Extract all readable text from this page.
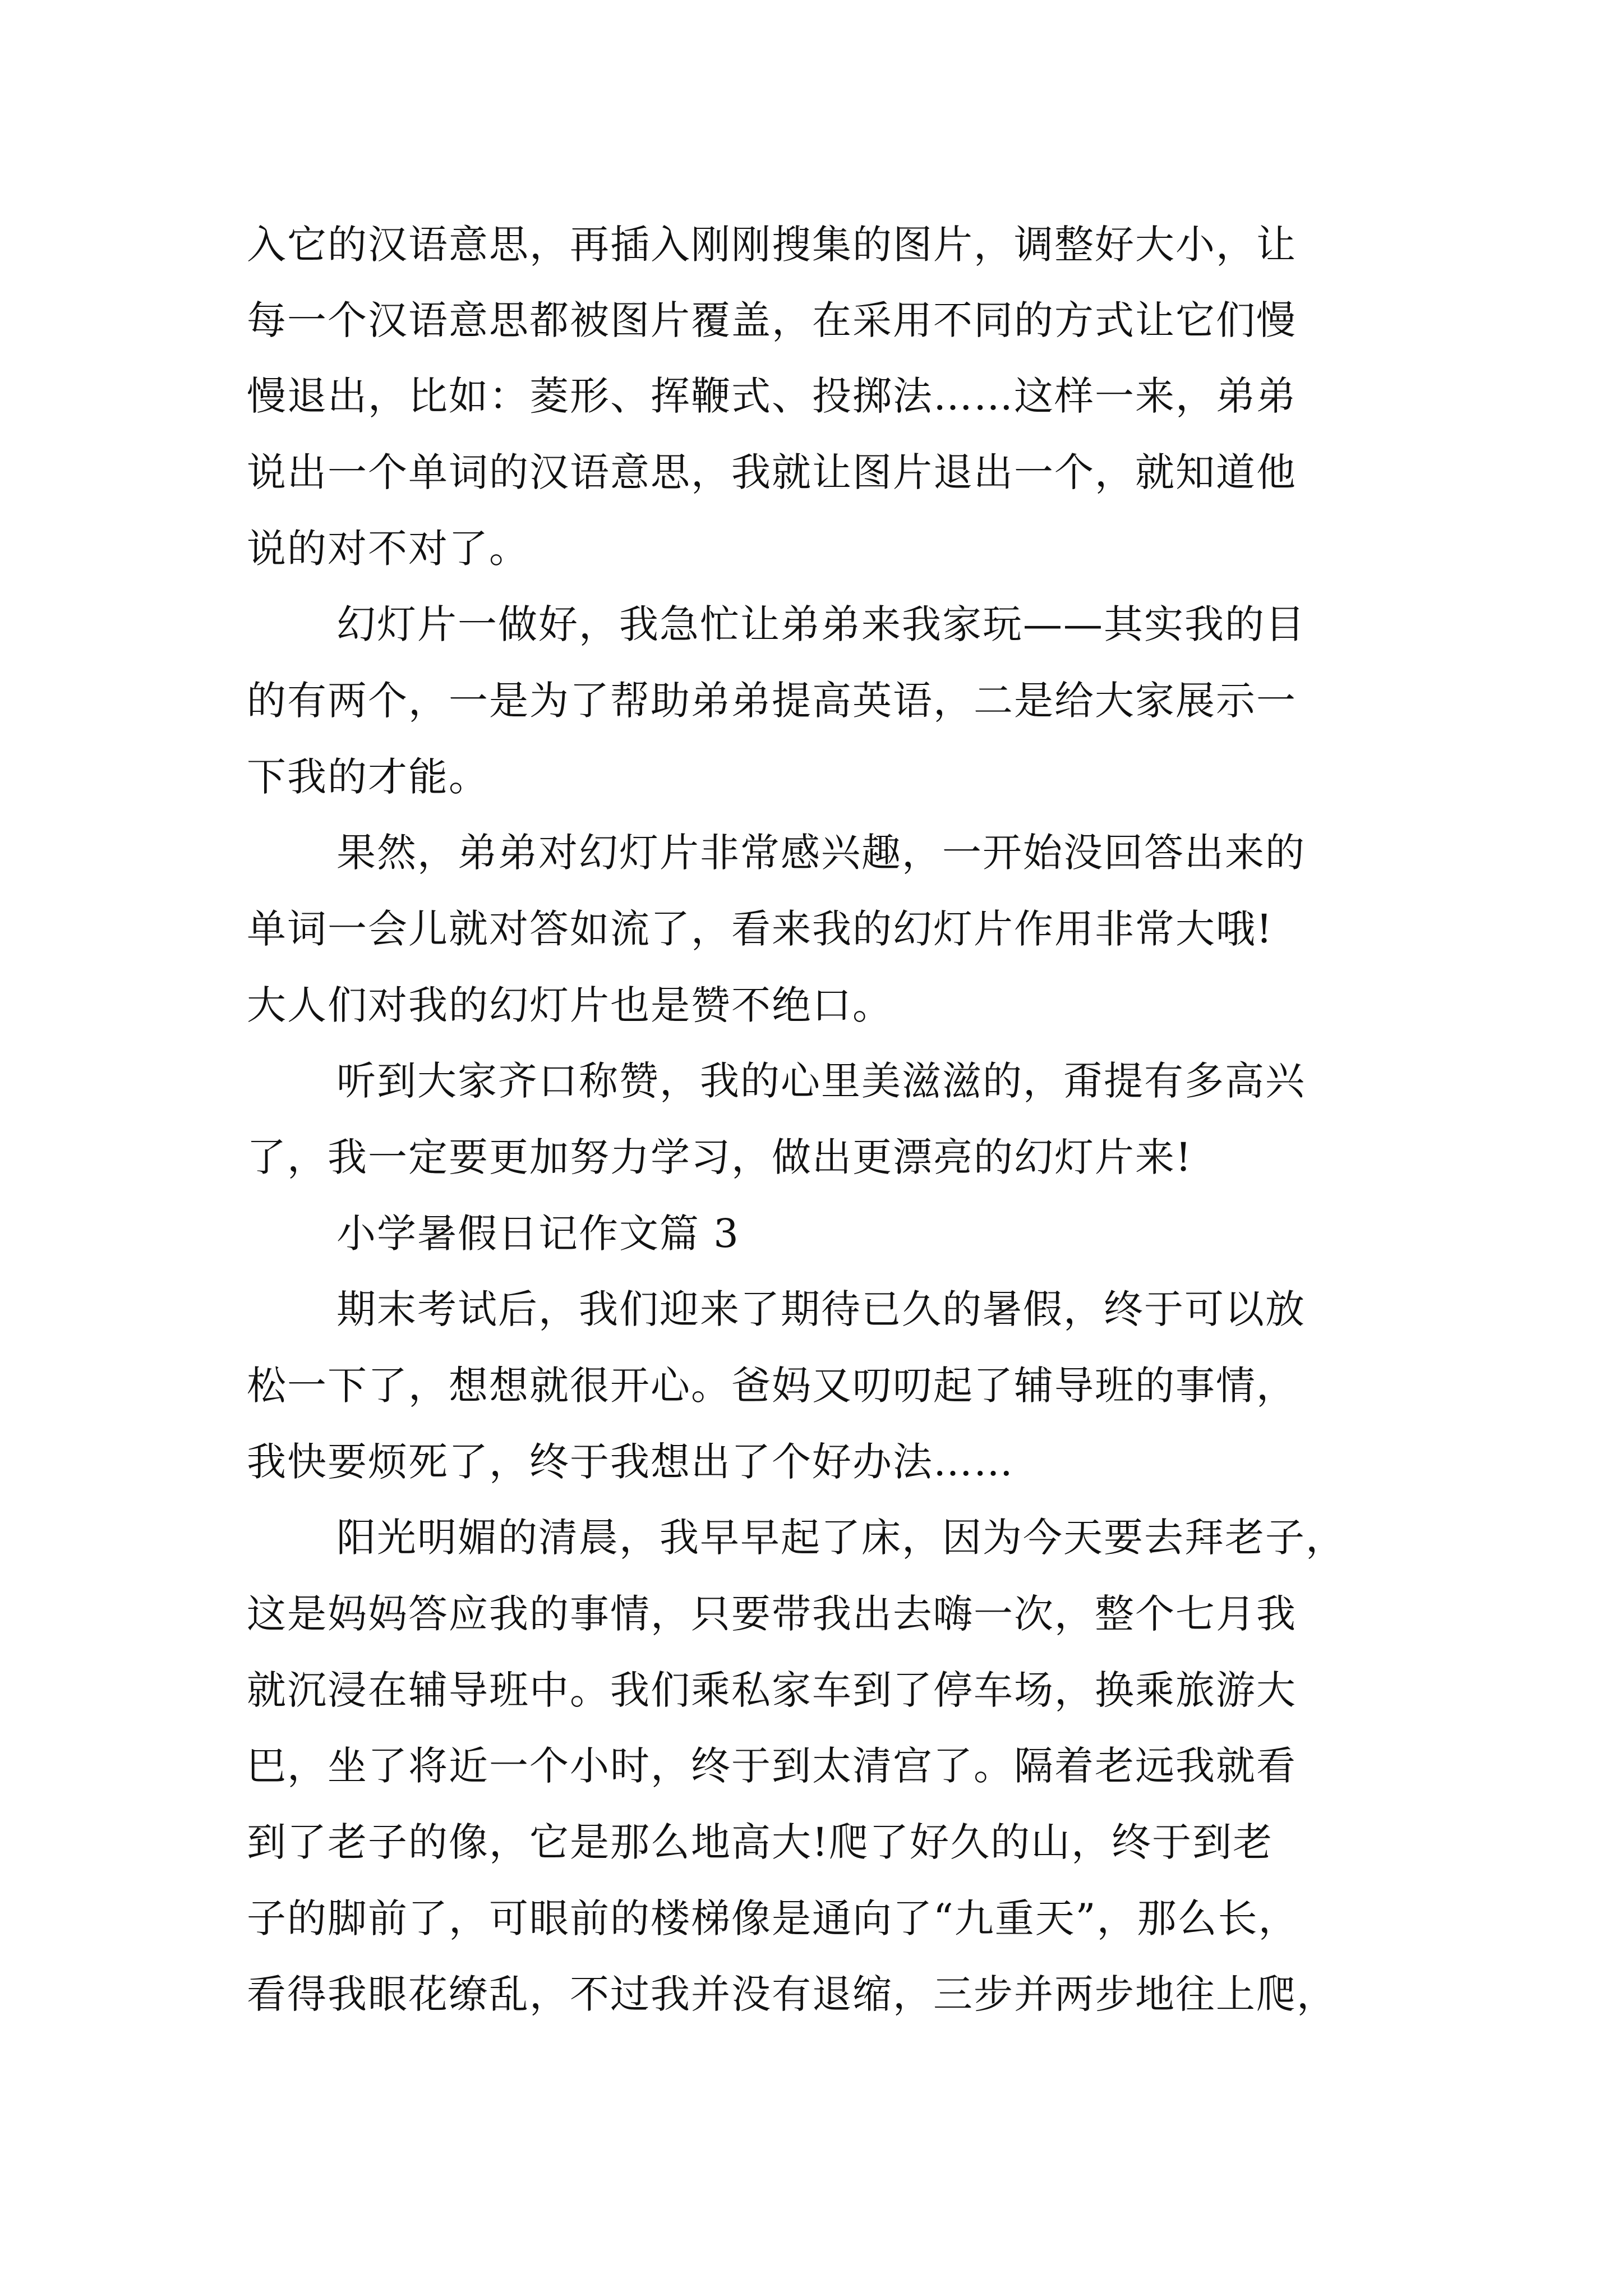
入它的汉语意思，再插入刚刚搜集的图片，调整好大小，让
每一个汉语意思都被图片覆盖，在采用不同的方式让它们慢
慢退出，比如：菱形、挥鞭式、投掷法……这样一来，弟弟
说出一个单词的汉语意思，我就让图片退出一个，就知道他
说的对不对了。
幻灯片一做好，我急忙让弟弟来我家玩——其实我的目
的有两个，一是为了帮助弟弟提高英语，二是给大家展示一
下我的才能。
果然，弟弟对幻灯片非常感兴趣，一开始没回答出来的
单词一会儿就对答如流了，看来我的幻灯片作用非常大哦!
大人们对我的幻灯片也是赞不绝口。
听到大家齐口称赞，我的心里美滋滋的，甭提有多高兴
了，我一定要更加努力学习，做出更漂亮的幻灯片来!
小学暑假日记作文篇 3
期末考试后，我们迎来了期待已久的暑假，终于可以放
松一下了，想想就很开心。爸妈又叨叨起了辅导班的事情，
我快要烦死了，终于我想出了个好办法……
阳光明媚的清晨，我早早起了床，因为今天要去拜老子，
这是妈妈答应我的事情，只要带我出去嗨一次，整个七月我
就沉浸在辅导班中。我们乘私家车到了停车场，换乘旅游大
巴，坐了将近一个小时，终于到太清宫了。隔着老远我就看
到了老子的像，它是那么地高大!爬了好久的山，终于到老
子的脚前了，可眼前的楼梯像是通向了“九重天”，那么长，
看得我眼花缭乱，不过我并没有退缩，三步并两步地往上爬，
